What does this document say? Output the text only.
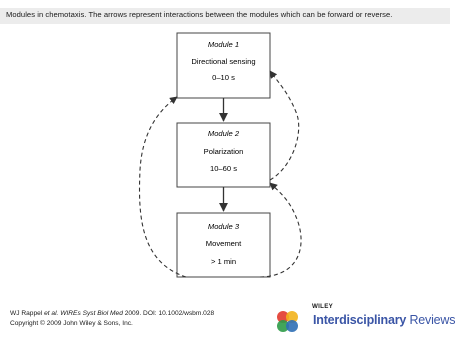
Modules in chemotaxis. The arrows represent interactions between the modules which can be forward or reverse.
Module 1
Directional sensing
0–10 s
Module 2
Polarization
10–60 s
Module 3
Movement
> 1 min
WJ Rappel et al. WIREs Syst Biol Med 2009. DOI: 10.1002/wsbm.028
Copyright © 2009 John Wiley & Sons, Inc.
WILEY
Interdisciplinary Reviews
